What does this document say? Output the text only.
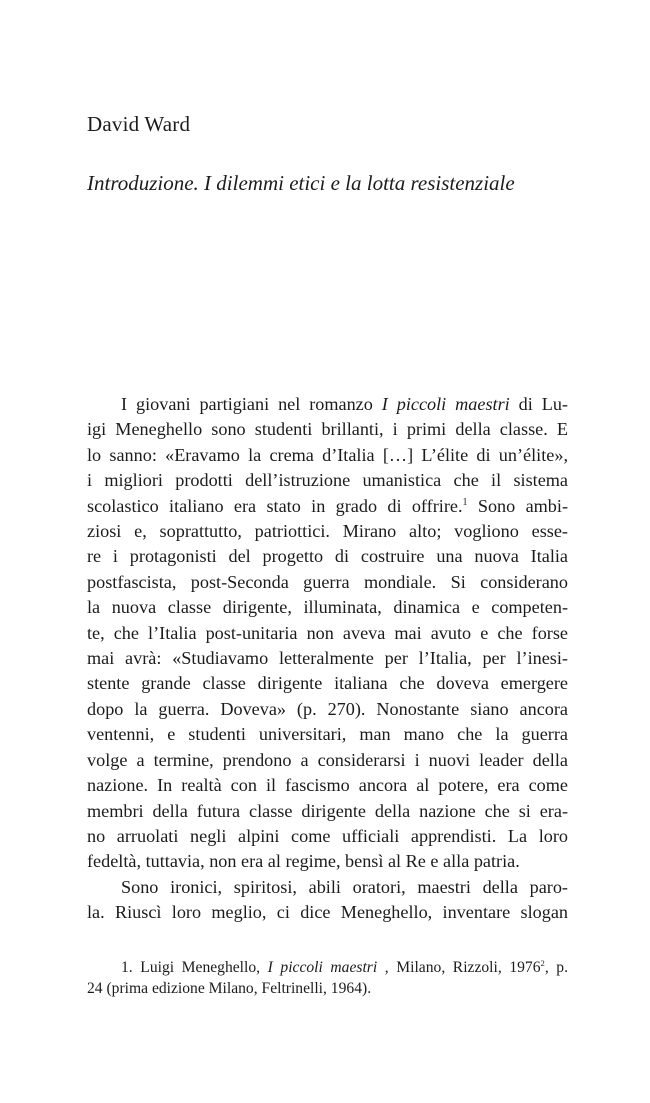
David Ward
Introduzione. I dilemmi etici e la lotta resistenziale
I giovani partigiani nel romanzo I piccoli maestri di Lu-
igi Meneghello sono studenti brillanti, i primi della classe. E
lo sanno: «Eravamo la crema d’Italia […] L’élite di un’élite»,
i migliori prodotti dell’istruzione umanistica che il sistema
scolastico italiano era stato in grado di offrire.$^1$ Sono ambi-
ziosi e, soprattutto, patriottici. Mirano alto; vogliono esse-
re i protagonisti del progetto di costruire una nuova Italia
postfascista, post-Seconda guerra mondiale. Si considerano
la nuova classe dirigente, illuminata, dinamica e competen-
te, che l’Italia post-unitaria non aveva mai avuto e che forse
mai avrà: «Studiavamo letteralmente per l’Italia, per l’inesi-
stente grande classe dirigente italiana che doveva emergere
dopo la guerra. Doveva» (p. 270). Nonostante siano ancora
ventenni, e studenti universitari, man mano che la guerra
volge a termine, prendono a considerarsi i nuovi leader della
nazione. In realtà con il fascismo ancora al potere, era come
membri della futura classe dirigente della nazione che si era-
no arruolati negli alpini come ufficiali apprendisti. La loro
fedeltà, tuttavia, non era al regime, bensì al Re e alla patria.
Sono ironici, spiritosi, abili oratori, maestri della paro-
la. Riuscì loro meglio, ci dice Meneghello, inventare slogan
1. Luigi Meneghello, I piccoli maestri , Milano, Rizzoli, 1976$^2$, p.
24 (prima edizione Milano, Feltrinelli, 1964).
